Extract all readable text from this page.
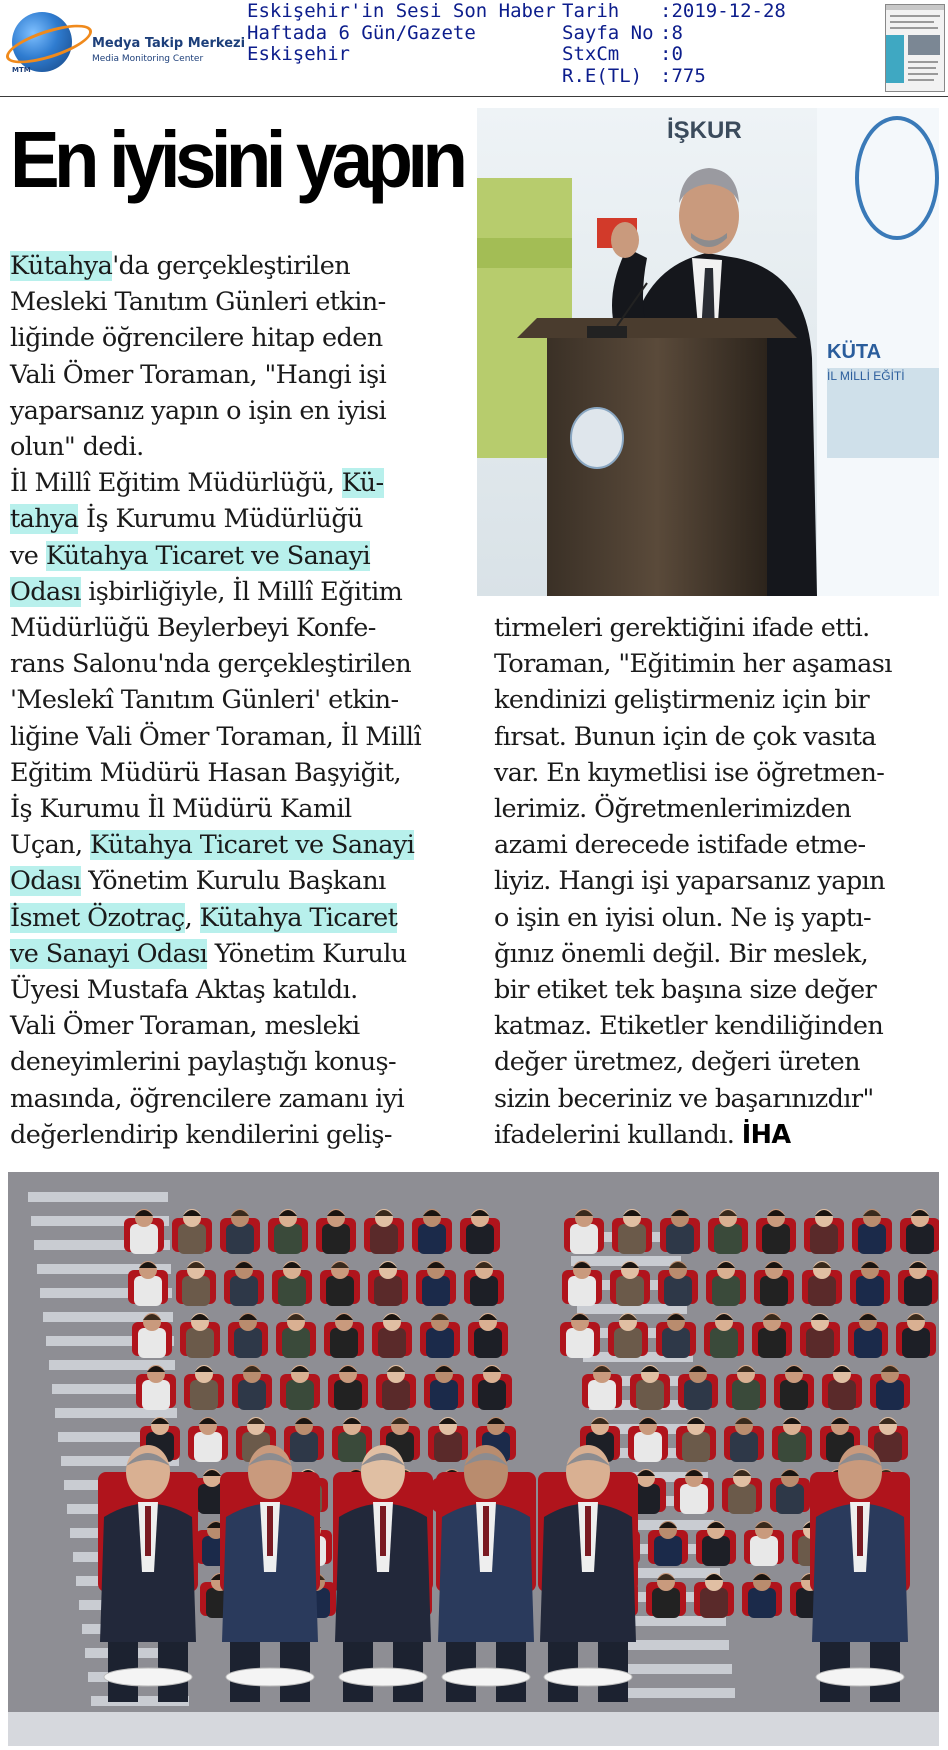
MTM
Medya Takip Merkezi
Media Monitoring Center
Eskişehir'in Sesi Son Haber
Haftada 6 Gün/Gazete
Eskişehir
Tarih	:2019-12-28
Sayfa No :8
StxCm	:0
R.E(TL) :775
En iyisini yapın
Kütahya'da gerçekleştirilen
Mesleki Tanıtım Günleri etkin-
liğinde öğrencilere hitap eden
Vali Ömer Toraman, "Hangi işi
yaparsanız yapın o işin en iyisi
olun" dedi.
İl Millî Eğitim Müdürlüğü, Kü-
tahya İş Kurumu Müdürlüğü
ve Kütahya Ticaret ve Sanayi
Odası işbirliğiyle, İl Millî Eğitim
Müdürlüğü Beylerbeyi Konfe-
rans Salonu'nda gerçekleştirilen
'Meslekî Tanıtım Günleri' etkin-
liğine Vali Ömer Toraman, İl Millî
Eğitim Müdürü Hasan Başyiğit,
İş Kurumu İl Müdürü Kamil
Uçan, Kütahya Ticaret ve Sanayi
Odası Yönetim Kurulu Başkanı
İsmet Özotraç, Kütahya Ticaret
ve Sanayi Odası Yönetim Kurulu
Üyesi Mustafa Aktaş katıldı.
Vali Ömer Toraman, mesleki
deneyimlerini paylaştığı konuş-
masında, öğrencilere zamanı iyi
değerlendirip kendilerini geliş-
tirmeleri gerektiğini ifade etti.
Toraman, "Eğitimin her aşaması
kendinizi geliştirmeniz için bir
fırsat. Bunun için de çok vasıta
var. En kıymetlisi ise öğretmen-
lerimiz. Öğretmenlerimizden
azami derecede istifade etme-
liyiz. Hangi işi yaparsanız yapın
o işin en iyisi olun. Ne iş yaptı-
ğınız önemli değil. Bir meslek,
bir etiket tek başına size değer
katmaz. Etiketler kendiliğinden
değer üretmez, değeri üreten
sizin beceriniz ve başarınızdır"
ifadelerini kullandı. İHA
KÜTA
İL MİLLİ EĞİTİ
İŞKUR
